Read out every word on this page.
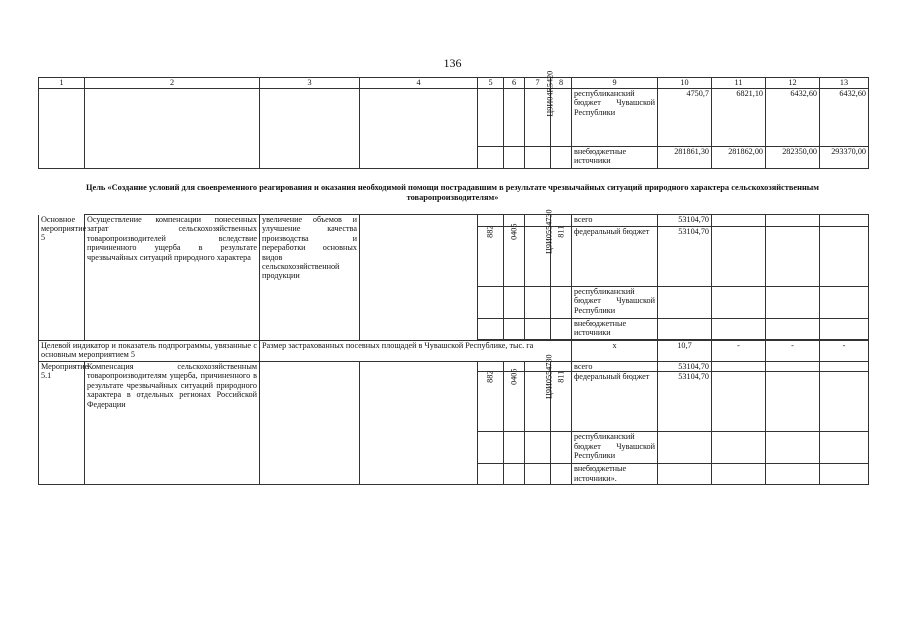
136
1	2	3	4	5	6	7	8	9	10	11	12	13
						Ц9И04R5420		республиканский бюджет Чувашской Республики	4750,7	6821,10	6432,60	6432,60
								внебюджетные источники	281861,30	281862,00	282350,00	293370,00
Цель «Создание условий для своевременного реагирования и оказания необходимой помощи пострадавшим в результате чрезвычайных ситуаций природного характера сельскохозяйственным товаропроизводителям»
Основное мероприятие 5	Осуществление компенсации понесенных затрат сельскохозяйственных товаропроизводителей вследствие причиненного ущерба в результате чрезвычайных ситуаций природного характера	увеличение объемов и улучшение качества производства и переработки основных видов сельскохозяйственной продукции						всего	53104,70			
				882	0405	Ц9И0554730	811	федеральный бюджет	53104,70			
								республиканский бюджет Чувашской Республики				
								внебюджетные источники				

Целевой индикатор и показатель подпрограммы, увязанные с основным мероприятием 5		Размер застрахованных посевных площадей в Чувашской Республике, тыс. га						x	10,7	-	-	-
Мероприятие 5.1	Компенсация сельскохозяйственным товаропроизводителям ущерба, причиненного в результате чрезвычайных ситуаций природного характера в отдельных регионах Российской Федерации							всего	53104,70			
				882	0405	Ц9И0554730	811	федеральный бюджет	53104,70			
								республиканский бюджет Чувашской Республики				
								внебюджетные источники».				
